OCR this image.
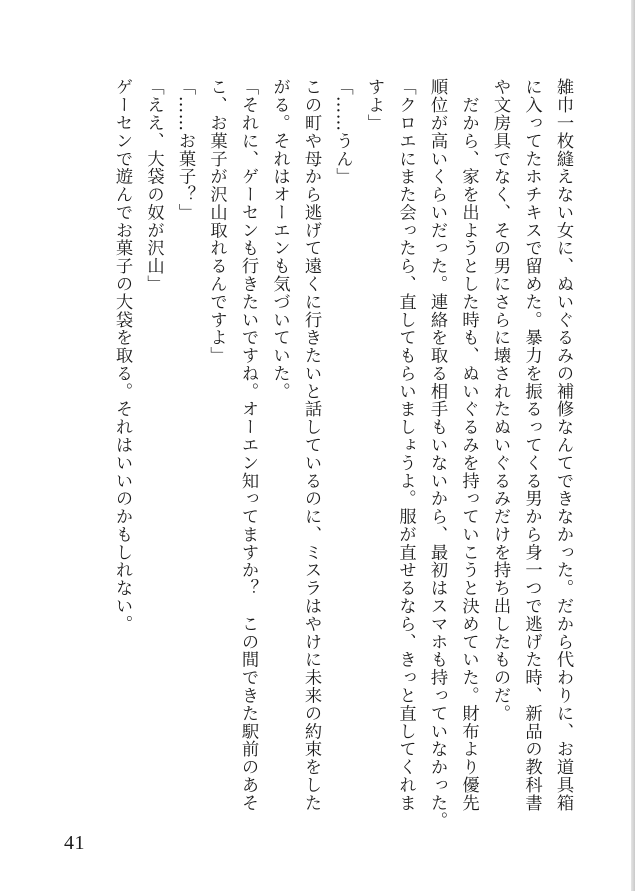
雑巾一枚縫えない女に、ぬいぐるみの補修なんてできなかった。だから代わりに、お道具箱
に入ってたホチキスで留めた。暴力を振るってくる男から身一つで逃げた時、新品の教科書
や文房具でなく、その男にさらに壊されたぬいぐるみだけを持ち出したものだ。
　だから、家を出ようとした時も、ぬいぐるみを持っていこうと決めていた。財布より優先
順位が高いくらいだった。連絡を取る相手もいないから、最初はスマホも持っていなかった。
「クロエにまた会ったら、直してもらいましょうよ。服が直せるなら、きっと直してくれま
すよ」
「……うん」
この町や母から逃げて遠くに行きたいと話しているのに、ミスラはやけに未来の約束をした
がる。それはオーエンも気づいていた。
「それに、ゲーセンも行きたいですね。オーエン知ってますか？　この間できた駅前のあそ
こ、お菓子が沢山取れるんですよ」
「……お菓子？」
「ええ、大袋の奴が沢山」
ゲーセンで遊んでお菓子の大袋を取る。それはいいのかもしれない。
41
